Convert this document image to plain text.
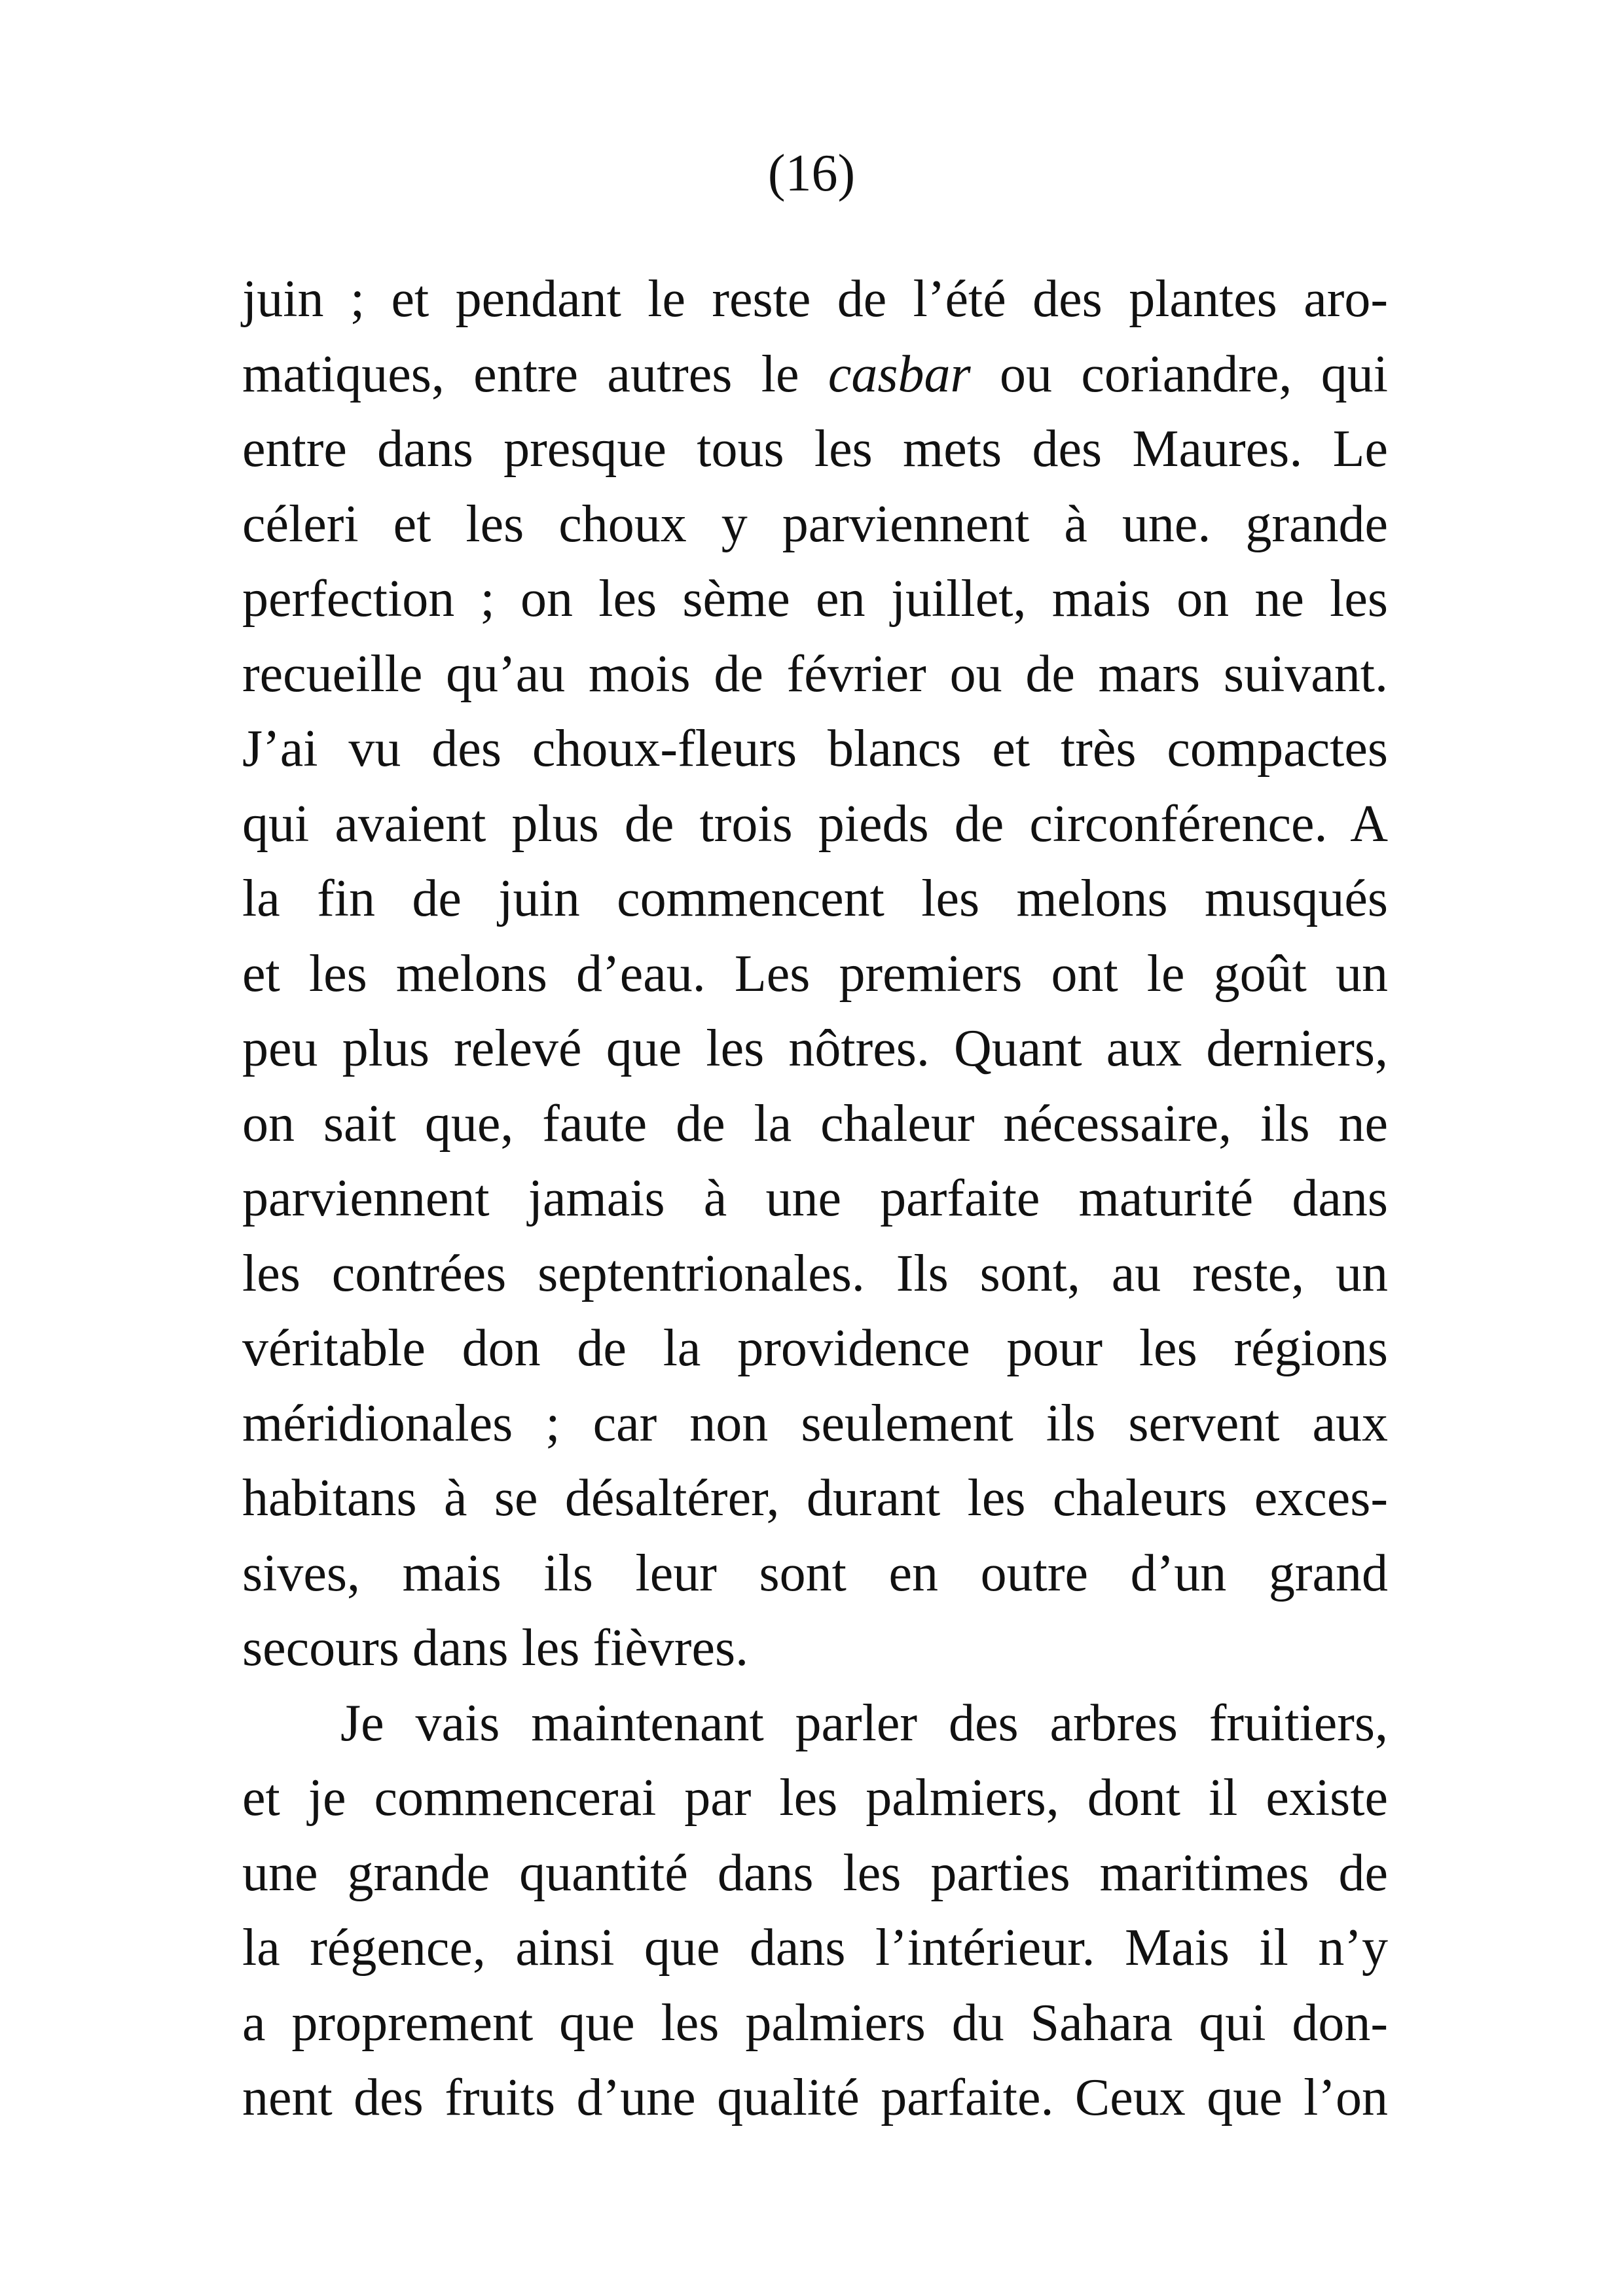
(16)
juin ; et pendant le reste de l’été des plantes aro-
matiques, entre autres le casbar ou coriandre, qui
entre dans presque tous les mets des Maures. Le
céleri et les choux y parviennent à une. grande
perfection ; on les sème en juillet, mais on ne les
recueille qu’au mois de février ou de mars suivant.
J’ai vu des choux-fleurs blancs et très compactes
qui avaient plus de trois pieds de circonférence. A
la fin de juin commencent les melons musqués
et les melons d’eau. Les premiers ont le goût un
peu plus relevé que les nôtres. Quant aux derniers,
on sait que, faute de la chaleur nécessaire, ils ne
parviennent jamais à une parfaite maturité dans
les contrées septentrionales. Ils sont, au reste, un
véritable don de la providence pour les régions
méridionales ; car non seulement ils servent aux
habitans à se désaltérer, durant les chaleurs exces-
sives, mais ils leur sont en outre d’un grand
secours dans les fièvres.
Je vais maintenant parler des arbres fruitiers,
et je commencerai par les palmiers, dont il existe
une grande quantité dans les parties maritimes de
la régence, ainsi que dans l’intérieur. Mais il n’y
a proprement que les palmiers du Sahara qui don-
nent des fruits d’une qualité parfaite. Ceux que l’on
